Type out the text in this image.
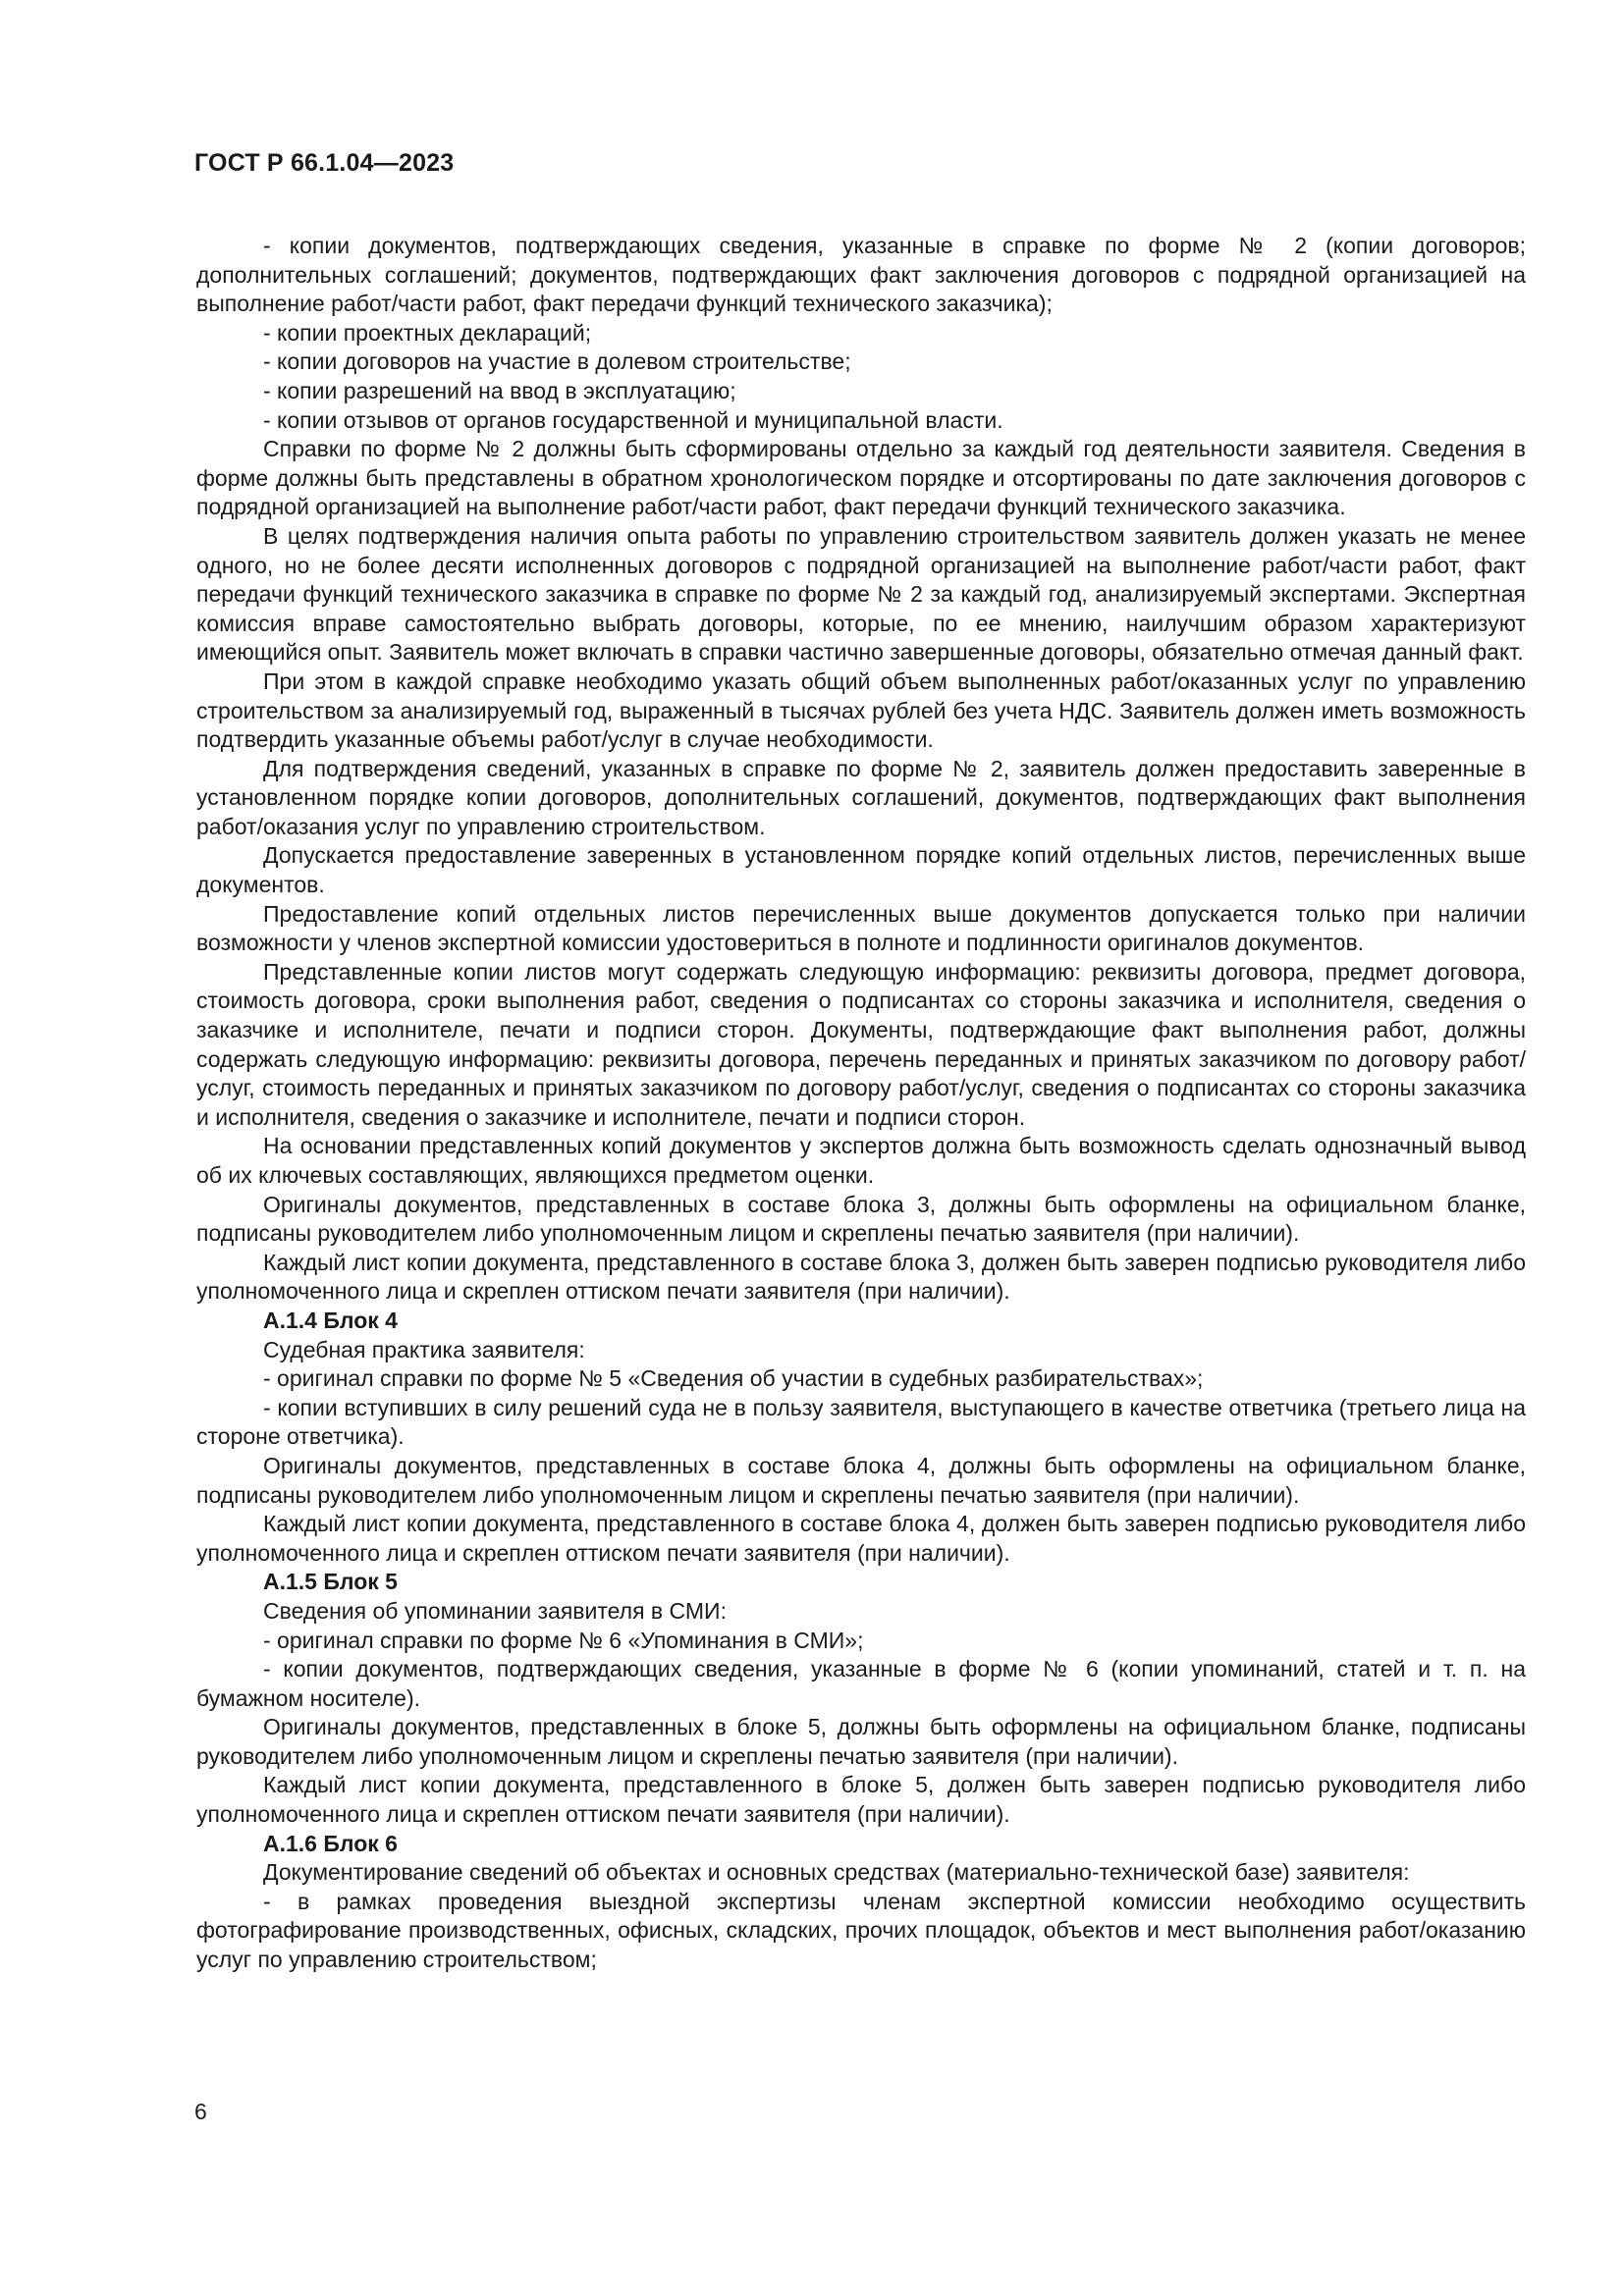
ГОСТ Р 66.1.04—2023

- копии документов, подтверждающих сведения, указанные в справке по форме № 2 (копии договоров; дополнительных соглашений; документов, подтверждающих факт заключения договоров с подрядной организацией на выполнение работ/части работ, факт передачи функций технического заказчика);

- копии проектных деклараций;

- копии договоров на участие в долевом строительстве;

- копии разрешений на ввод в эксплуатацию;

- копии отзывов от органов государственной и муниципальной власти.

Справки по форме № 2 должны быть сформированы отдельно за каждый год деятельности заявителя. Сведения в форме должны быть представлены в обратном хронологическом порядке и отсортированы по дате заключения договоров с подрядной организацией на выполнение работ/части работ, факт передачи функций технического заказчика.

В целях подтверждения наличия опыта работы по управлению строительством заявитель должен указать не менее одного, но не более десяти исполненных договоров с подрядной организацией на выполнение работ/части работ, факт передачи функций технического заказчика в справке по форме № 2 за каждый год, анализируемый экспертами. Экспертная комиссия вправе самостоятельно выбрать договоры, которые, по ее мнению, наилучшим образом характеризуют имеющийся опыт. Заявитель может включать в справки частично завершенные договоры, обязательно отмечая данный факт.

При этом в каждой справке необходимо указать общий объем выполненных работ/оказанных услуг по управлению строительством за анализируемый год, выраженный в тысячах рублей без учета НДС. Заявитель должен иметь возможность подтвердить указанные объемы работ/услуг в случае необходимости.

Для подтверждения сведений, указанных в справке по форме № 2, заявитель должен предоставить заверенные в установленном порядке копии договоров, дополнительных соглашений, документов, подтверждающих факт выполнения работ/оказания услуг по управлению строительством.

Допускается предоставление заверенных в установленном порядке копий отдельных листов, перечисленных выше документов.

Предоставление копий отдельных листов перечисленных выше документов допускается только при наличии возможности у членов экспертной комиссии удостовериться в полноте и подлинности оригиналов документов.

Представленные копии листов могут содержать следующую информацию: реквизиты договора, предмет договора, стоимость договора, сроки выполнения работ, сведения о подписантах со стороны заказчика и исполнителя, сведения о заказчике и исполнителе, печати и подписи сторон. Документы, подтверждающие факт выполнения работ, должны содержать следующую информацию: реквизиты договора, перечень переданных и принятых заказчиком по договору работ/услуг, стоимость переданных и принятых заказчиком по договору работ/услуг, сведения о подписантах со стороны заказчика и исполнителя, сведения о заказчике и исполнителе, печати и подписи сторон.

На основании представленных копий документов у экспертов должна быть возможность сделать однозначный вывод об их ключевых составляющих, являющихся предметом оценки.

Оригиналы документов, представленных в составе блока 3, должны быть оформлены на официальном бланке, подписаны руководителем либо уполномоченным лицом и скреплены печатью заявителя (при наличии).

Каждый лист копии документа, представленного в составе блока 3, должен быть заверен подписью руководителя либо уполномоченного лица и скреплен оттиском печати заявителя (при наличии).

А.1.4 Блок 4

Судебная практика заявителя:

- оригинал справки по форме № 5 «Сведения об участии в судебных разбирательствах»;

- копии вступивших в силу решений суда не в пользу заявителя, выступающего в качестве ответчика (третьего лица на стороне ответчика).

Оригиналы документов, представленных в составе блока 4, должны быть оформлены на официальном бланке, подписаны руководителем либо уполномоченным лицом и скреплены печатью заявителя (при наличии).

Каждый лист копии документа, представленного в составе блока 4, должен быть заверен подписью руководителя либо уполномоченного лица и скреплен оттиском печати заявителя (при наличии).

А.1.5 Блок 5

Сведения об упоминании заявителя в СМИ:

- оригинал справки по форме № 6 «Упоминания в СМИ»;

- копии документов, подтверждающих сведения, указанные в форме № 6 (копии упоминаний, статей и т. п. на бумажном носителе).

Оригиналы документов, представленных в блоке 5, должны быть оформлены на официальном бланке, подписаны руководителем либо уполномоченным лицом и скреплены печатью заявителя (при наличии).

Каждый лист копии документа, представленного в блоке 5, должен быть заверен подписью руководителя либо уполномоченного лица и скреплен оттиском печати заявителя (при наличии).

А.1.6 Блок 6

Документирование сведений об объектах и основных средствах (материально-технической базе) заявителя:

- в рамках проведения выездной экспертизы членам экспертной комиссии необходимо осуществить фотографирование производственных, офисных, складских, прочих площадок, объектов и мест выполнения работ/оказанию услуг по управлению строительством;

6
